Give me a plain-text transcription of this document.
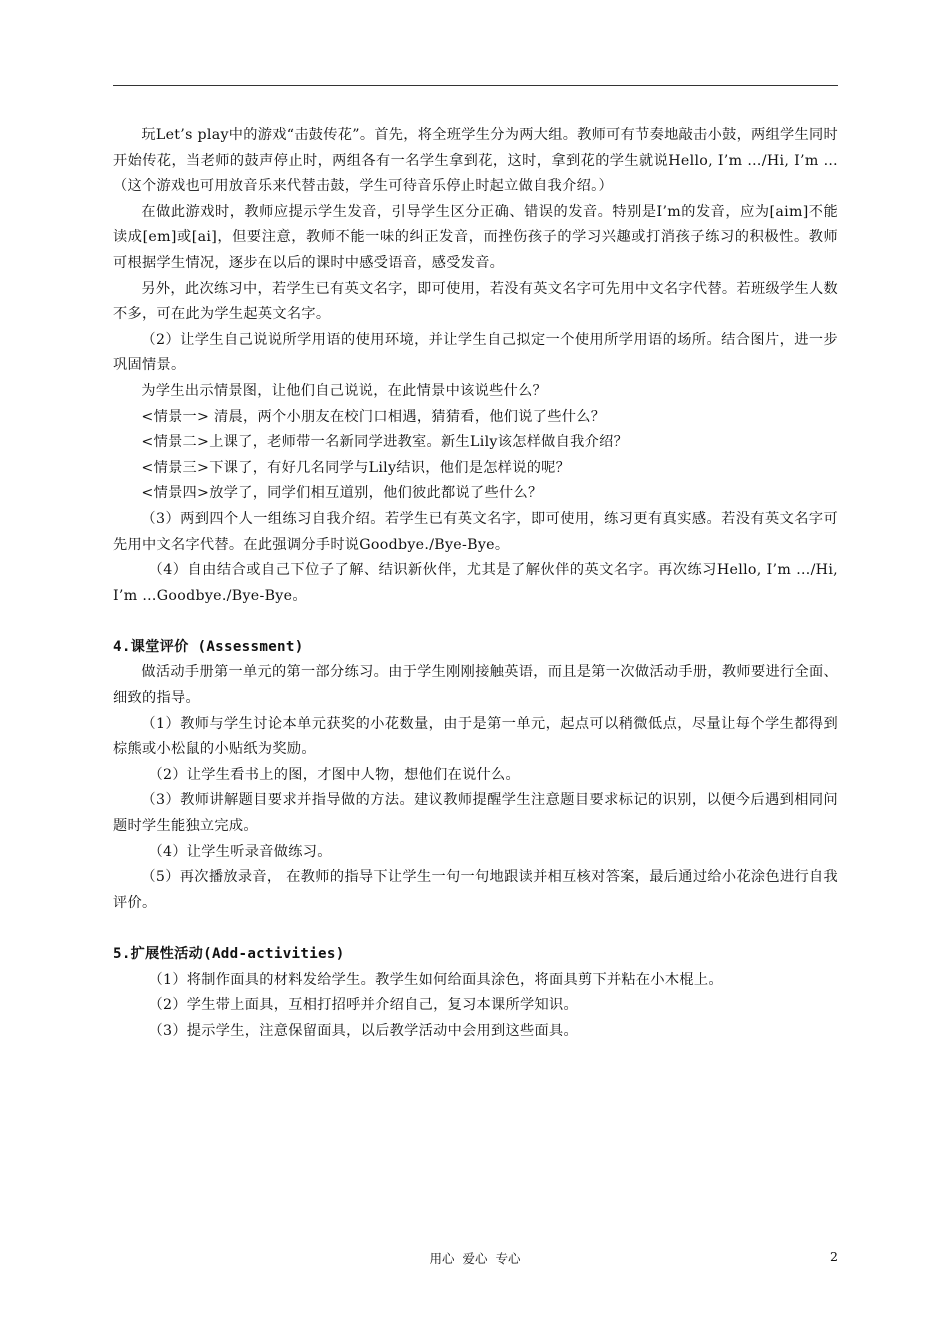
玩Let’s play中的游戏“击鼓传花”。首先，将全班学生分为两大组。教师可有节奏地敲击小鼓，两组学生同时开始传花，当老师的鼓声停止时，两组各有一名学生拿到花，这时，拿到花的学生就说Hello, I’m …/Hi, I’m …（这个游戏也可用放音乐来代替击鼓，学生可待音乐停止时起立做自我介绍。）

在做此游戏时，教师应提示学生发音，引导学生区分正确、错误的发音。特别是I’m的发音，应为[aim]不能读成[em]或[ai]，但要注意，教师不能一味的纠正发音，而挫伤孩子的学习兴趣或打消孩子练习的积极性。教师可根据学生情况，逐步在以后的课时中感受语音，感受发音。

另外，此次练习中，若学生已有英文名字，即可使用，若没有英文名字可先用中文名字代替。若班级学生人数不多，可在此为学生起英文名字。

（2）让学生自己说说所学用语的使用环境，并让学生自己拟定一个使用所学用语的场所。结合图片，进一步巩固情景。

为学生出示情景图，让他们自己说说，在此情景中该说些什么？

<情景一> 清晨，两个小朋友在校门口相遇，猜猜看，他们说了些什么？

<情景二>上课了，老师带一名新同学进教室。新生Lily该怎样做自我介绍？

<情景三>下课了，有好几名同学与Lily结识，他们是怎样说的呢？

<情景四>放学了，同学们相互道别，他们彼此都说了些什么？

（3）两到四个人一组练习自我介绍。若学生已有英文名字，即可使用，练习更有真实感。若没有英文名字可先用中文名字代替。在此强调分手时说Goodbye./Bye-Bye。

（4）自由结合或自己下位子了解、结识新伙伴，尤其是了解伙伴的英文名字。再次练习Hello, I’m …/Hi, I’m …Goodbye./Bye-Bye。

4.课堂评价 (Assessment)

做活动手册第一单元的第一部分练习。由于学生刚刚接触英语，而且是第一次做活动手册，教师要进行全面、细致的指导。

（1）教师与学生讨论本单元获奖的小花数量，由于是第一单元，起点可以稍微低点，尽量让每个学生都得到棕熊或小松鼠的小贴纸为奖励。

（2）让学生看书上的图，才图中人物，想他们在说什么。

（3）教师讲解题目要求并指导做的方法。建议教师提醒学生注意题目要求标记的识别，以便今后遇到相同问题时学生能独立完成。

（4）让学生听录音做练习。

（5）再次播放录音， 在教师的指导下让学生一句一句地跟读并相互核对答案，最后通过给小花涂色进行自我评价。

5.扩展性活动(Add-activities)

（1）将制作面具的材料发给学生。教学生如何给面具涂色，将面具剪下并粘在小木棍上。

（2）学生带上面具，互相打招呼并介绍自己，复习本课所学知识。

（3）提示学生，注意保留面具，以后教学活动中会用到这些面具。

用心 爱心 专心	2
